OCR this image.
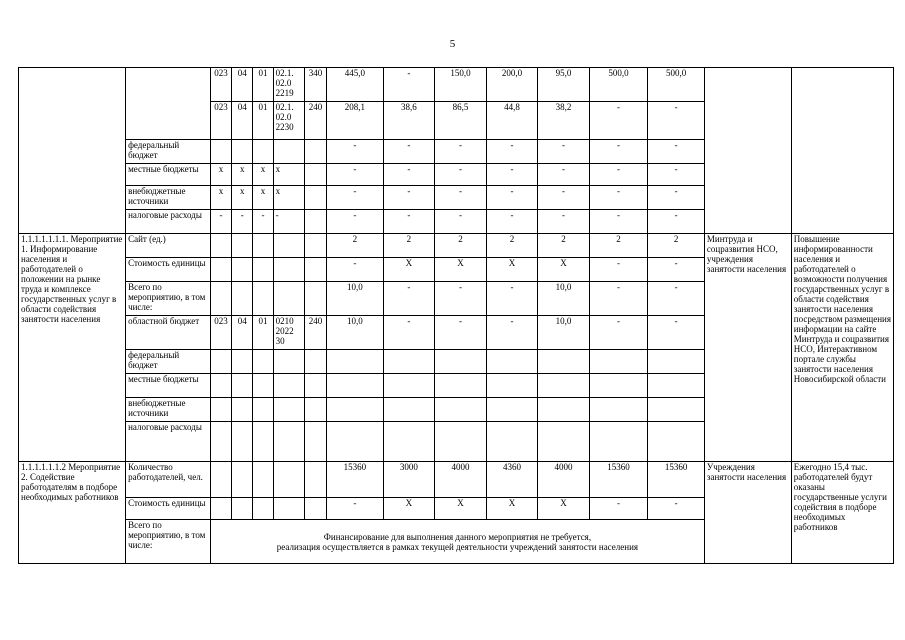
5
		023	04	01	02.1.
02.0
2219	340	445,0	-	150,0	200,0	95,0	500,0	500,0		
		023	04	01	02.1.
02.0
2230	240	208,1	38,6	86,5	44,8	38,2	-	-		
	федеральный бюджет						-	-	-	-	-	-	-		
	местные бюджеты	x	x	x	x		-	-	-	-	-	-	-		
	внебюджетные источники	x	x	x	x		-	-	-	-	-	-	-		
	налоговые расходы	-	-	-	-		-	-	-	-	-	-	-		
1.1.1.1.1.1.1. Мероприятие 1. Информирование населения и работодателей о положении на рынке труда и комплексе государственных услуг в области содействия занятости населения	Сайт (ед.)						2	2	2	2	2	2	2	Минтруда и соцразвития НСО, учреждения занятости населения	Повышение информированности населения и работодателей о возможности получения государственных услуг в области содействия занятости населения посредством размещения информации на сайте Минтруда и соцразвития НСО, Интерактивном портале службы занятости населения Новосибирской области
	Стоимость единицы						-	X	X	X	X	-	-		
	Всего по мероприятию, в том числе:						10,0	-	-	-	10,0	-	-		
	областной бюджет	023	04	01	0210
2022
30	240	10,0	-	-	-	10,0	-	-		
	федеральный бюджет														
	местные бюджеты														
	внебюджетные источники														
	налоговые расходы														
1.1.1.1.1.1.2 Мероприятие 2. Содействие работодателям в подборе необходимых работников	Количество работодателей, чел.						15360	3000	4000	4360	4000	15360	15360	Учреждения занятости населения	Ежегодно 15,4 тыс. работодателей будут оказаны государственные услуги содействия в подборе необходимых работников
	Стоимость единицы						-	X	X	X	X	-	-		
	Всего по мероприятию, в том числе:	Финансирование для выполнения данного мероприятия не требуется,
реализация осуществляется в рамках текущей деятельности учреждений занятости населения													
